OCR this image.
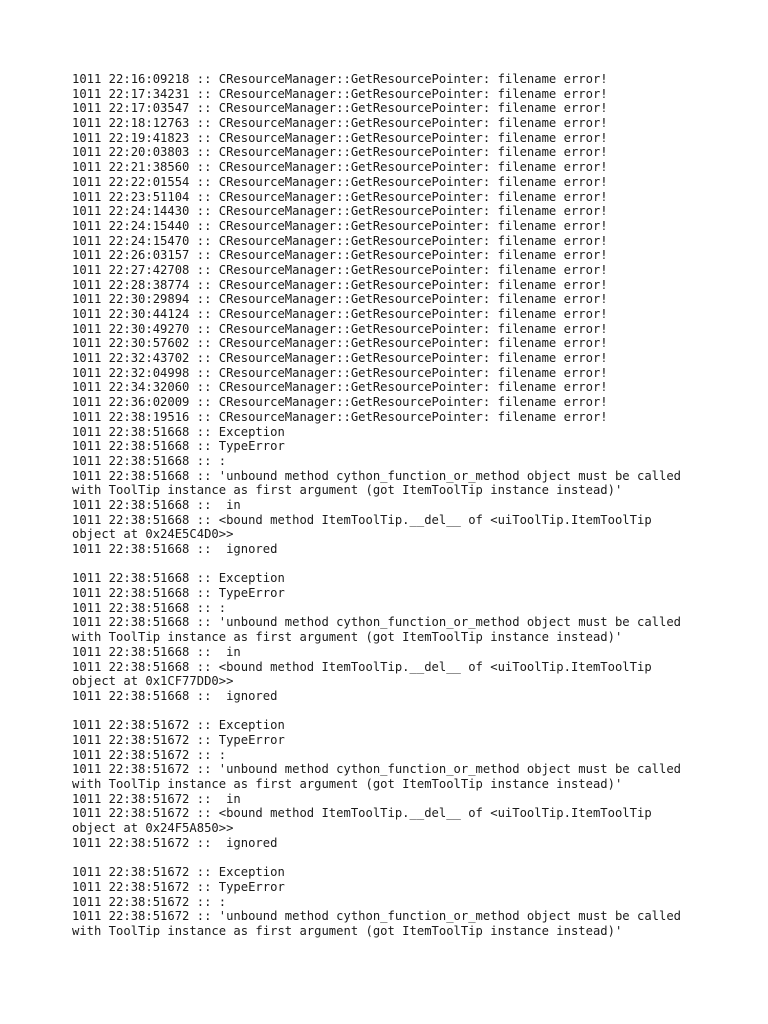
1011 22:16:09218 :: CResourceManager::GetResourcePointer: filename error!
1011 22:17:34231 :: CResourceManager::GetResourcePointer: filename error!
1011 22:17:03547 :: CResourceManager::GetResourcePointer: filename error!
1011 22:18:12763 :: CResourceManager::GetResourcePointer: filename error!
1011 22:19:41823 :: CResourceManager::GetResourcePointer: filename error!
1011 22:20:03803 :: CResourceManager::GetResourcePointer: filename error!
1011 22:21:38560 :: CResourceManager::GetResourcePointer: filename error!
1011 22:22:01554 :: CResourceManager::GetResourcePointer: filename error!
1011 22:23:51104 :: CResourceManager::GetResourcePointer: filename error!
1011 22:24:14430 :: CResourceManager::GetResourcePointer: filename error!
1011 22:24:15440 :: CResourceManager::GetResourcePointer: filename error!
1011 22:24:15470 :: CResourceManager::GetResourcePointer: filename error!
1011 22:26:03157 :: CResourceManager::GetResourcePointer: filename error!
1011 22:27:42708 :: CResourceManager::GetResourcePointer: filename error!
1011 22:28:38774 :: CResourceManager::GetResourcePointer: filename error!
1011 22:30:29894 :: CResourceManager::GetResourcePointer: filename error!
1011 22:30:44124 :: CResourceManager::GetResourcePointer: filename error!
1011 22:30:49270 :: CResourceManager::GetResourcePointer: filename error!
1011 22:30:57602 :: CResourceManager::GetResourcePointer: filename error!
1011 22:32:43702 :: CResourceManager::GetResourcePointer: filename error!
1011 22:32:04998 :: CResourceManager::GetResourcePointer: filename error!
1011 22:34:32060 :: CResourceManager::GetResourcePointer: filename error!
1011 22:36:02009 :: CResourceManager::GetResourcePointer: filename error!
1011 22:38:19516 :: CResourceManager::GetResourcePointer: filename error!
1011 22:38:51668 :: Exception
1011 22:38:51668 :: TypeError
1011 22:38:51668 :: :
1011 22:38:51668 :: 'unbound method cython_function_or_method object must be called
with ToolTip instance as first argument (got ItemToolTip instance instead)'
1011 22:38:51668 ::  in
1011 22:38:51668 :: <bound method ItemToolTip.__del__ of <uiToolTip.ItemToolTip
object at 0x24E5C4D0>>
1011 22:38:51668 ::  ignored
1011 22:38:51668 :: Exception
1011 22:38:51668 :: TypeError
1011 22:38:51668 :: :
1011 22:38:51668 :: 'unbound method cython_function_or_method object must be called
with ToolTip instance as first argument (got ItemToolTip instance instead)'
1011 22:38:51668 ::  in
1011 22:38:51668 :: <bound method ItemToolTip.__del__ of <uiToolTip.ItemToolTip
object at 0x1CF77DD0>>
1011 22:38:51668 ::  ignored
1011 22:38:51672 :: Exception
1011 22:38:51672 :: TypeError
1011 22:38:51672 :: :
1011 22:38:51672 :: 'unbound method cython_function_or_method object must be called
with ToolTip instance as first argument (got ItemToolTip instance instead)'
1011 22:38:51672 ::  in
1011 22:38:51672 :: <bound method ItemToolTip.__del__ of <uiToolTip.ItemToolTip
object at 0x24F5A850>>
1011 22:38:51672 ::  ignored
1011 22:38:51672 :: Exception
1011 22:38:51672 :: TypeError
1011 22:38:51672 :: :
1011 22:38:51672 :: 'unbound method cython_function_or_method object must be called
with ToolTip instance as first argument (got ItemToolTip instance instead)'
